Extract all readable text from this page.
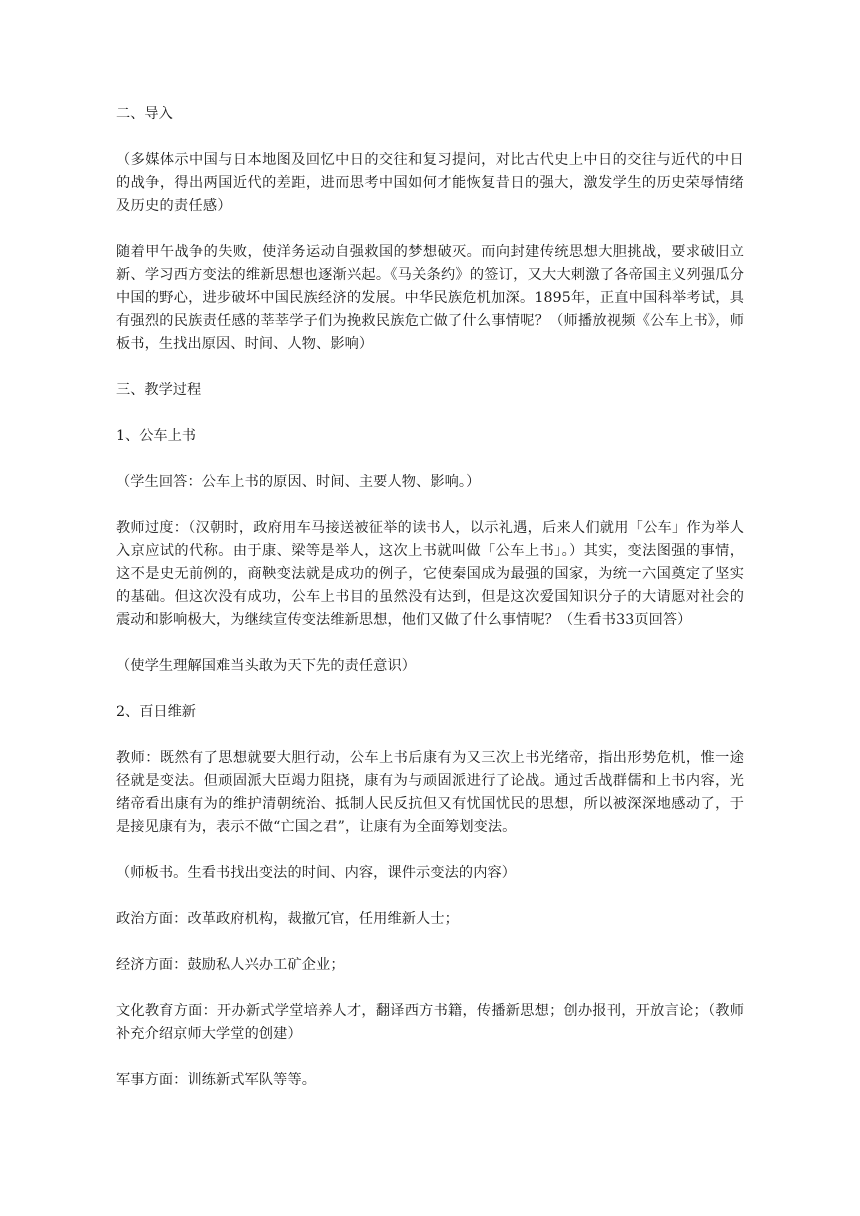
二、导入

（多媒体示中国与日本地图及回忆中日的交往和复习提问，对比古代史上中日的交往与近代的中日的战争，得出两国近代的差距，进而思考中国如何才能恢复昔日的强大，激发学生的历史荣辱情绪及历史的责任感）

随着甲午战争的失败，使洋务运动自强救国的梦想破灭。而向封建传统思想大胆挑战，要求破旧立新、学习西方变法的维新思想也逐渐兴起。《马关条约》的签订，又大大刺激了各帝国主义列强瓜分中国的野心，进步破坏中国民族经济的发展。中华民族危机加深。1895年，正直中国科举考试，具有强烈的民族责任感的莘莘学子们为挽救民族危亡做了什么事情呢？（师播放视频《公车上书》，师板书，生找出原因、时间、人物、影响）

三、教学过程

1、公车上书

（学生回答：公车上书的原因、时间、主要人物、影响。）

教师过度：（汉朝时，政府用车马接送被征举的读书人，以示礼遇，后来人们就用「公车」作为举人入京应试的代称。由于康、梁等是举人，这次上书就叫做「公车上书」。）其实，变法图强的事情，这不是史无前例的，商鞅变法就是成功的例子，它使秦国成为最强的国家，为统一六国奠定了坚实的基础。但这次没有成功，公车上书目的虽然没有达到，但是这次爱国知识分子的大请愿对社会的震动和影响极大，为继续宣传变法维新思想，他们又做了什么事情呢？（生看书33页回答）

（使学生理解国难当头敢为天下先的责任意识）

2、百日维新

教师：既然有了思想就要大胆行动，公车上书后康有为又三次上书光绪帝，指出形势危机，惟一途径就是变法。但顽固派大臣竭力阻挠，康有为与顽固派进行了论战。通过舌战群儒和上书内容，光绪帝看出康有为的维护清朝统治、抵制人民反抗但又有忧国忧民的思想，所以被深深地感动了，于是接见康有为，表示不做“亡国之君”，让康有为全面筹划变法。

（师板书。生看书找出变法的时间、内容，课件示变法的内容）

政治方面：改革政府机构，裁撤冗官，任用维新人士；

经济方面：鼓励私人兴办工矿企业；

文化教育方面：开办新式学堂培养人才，翻译西方书籍，传播新思想；创办报刊，开放言论；（教师补充介绍京师大学堂的创建）

军事方面：训练新式军队等等。
